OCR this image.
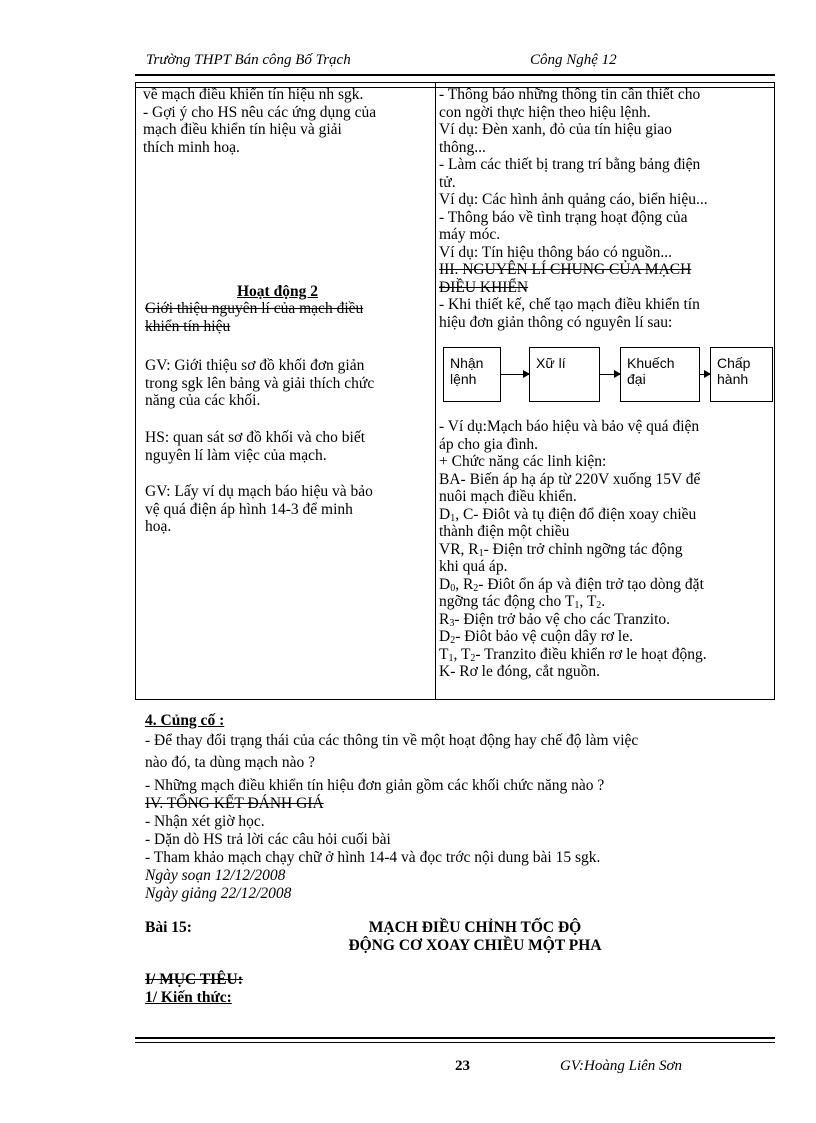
Trường THPT Bán công Bố Trạch	Công Nghệ 12

về mạch điều khiển tín hiệu nh sgk.

- Gợi ý cho HS nêu các ứng dụng của

mạch điều khiển tín hiệu và giải

thích minh hoạ.

Hoạt động 2

Giới thiệu nguyên lí của mạch điều

khiển tín hiệu

GV: Giới thiệu sơ đồ khối đơn giản

trong sgk lên bảng và giải thích chức

năng của các khối.

HS: quan sát sơ đồ khối và cho biết

nguyên lí làm việc của mạch.

GV: Lấy ví dụ mạch báo hiệu và bảo

vệ quá điện áp hình 14-3 để minh

hoạ.

- Thông báo những thông tin cần thiết cho

con ngời thực hiện theo hiệu lệnh.

Ví dụ: Đèn xanh, đỏ của tín hiệu giao

thông...

- Làm các thiết bị trang trí bằng bảng điện

tử.

Ví dụ: Các hình ảnh quảng cáo, biển hiệu...

- Thông báo về tình trạng hoạt động của

máy móc.

Ví dụ: Tín hiệu thông báo có nguồn...

III. NGUYÊN LÍ CHUNG CỦA MẠCH

ĐIỀU KHIỂN

- Khi thiết kế, chế tạo mạch điều khiển tín

hiệu đơn giản thông có nguyên lí sau:

Nhận
lệnh
Xữ lí	Khuếch
đại
Chấp
hành

- Ví dụ:Mạch báo hiệu và bảo vệ quá điện

áp cho gia đình.

+ Chức năng các linh kiện:

BA- Biến áp hạ áp từ 220V xuống 15V để

nuôi mạch điều khiển.

$D_1$, C- Điôt và tụ điện đổ điện xoay chiều

thành điện một chiều

VR, $R_1-$ Điện trở chỉnh ngỡng tác động

khi quá áp.

$D_0$, $R_2-$ Điôt ổn áp và điện trở tạo dòng đặt

ngỡng tác động cho $T_1$, $T_2$.

$R_3-$ Điện trở bảo vệ cho các Tranzito.

$D_2-$ Điôt bảo vệ cuộn dây rơ le.

$T_1$, $T_2-$ Tranzito điều khiển rơ le hoạt động.

K- Rơ le đóng, cắt nguồn.

4. Củng cố :

- Để thay đổi trạng thái của các thông tin về một hoạt động hay chế độ làm việc

nào đó, ta dùng mạch nào ?

- Những mạch điều khiển tín hiệu đơn giản gồm các khối chức năng nào ?

IV. TỔNG KẾT ĐÁNH GIÁ

- Nhận xét giờ học.

- Dặn dò HS trả lời các câu hỏi cuối bài

- Tham khảo mạch chạy chữ ở hình 14-4 và đọc trớc nội dung bài 15 sgk.

Ngày soạn 12/12/2008

Ngày giảng 22/12/2008

Bài 15:	MẠCH ĐIỀU CHỈNH TỐC ĐỘ

ĐỘNG CƠ XOAY CHIỀU MỘT PHA

I/ MỤC TIÊU:

1/ Kiến thức:

23	GV:Hoàng Liên Sơn
